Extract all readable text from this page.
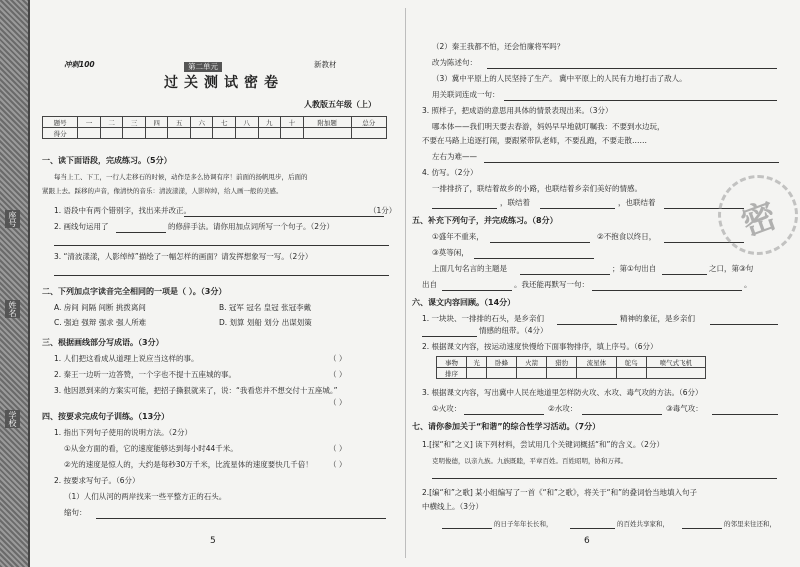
座号
姓名
学校
冲刺100	第二单元	新教材
过关测试密卷
人教版五年级（上）
题号	一	二	三	四	五	六	七	八	九	十	附加题	总分
得分												
一、读下面语段，完成练习。（5分）
每当上工、下工，一行人走移石的时候，动作是多么协调有序！前面的扬帆甩步，后面的
紧跟上去。踩移的声音，像清快的音乐：清波漾漾，人影绰绰，给人画一般的美感。
1. 语段中有两个错别字，找出来并改正。	（1分）
2. 画线句运用了	的修辞手法。请你用加点词所写一个句子。（2分）
3. “清波漾漾，人影绰绰”描绘了一幅怎样的画面？请发挥想象写一写。（2分）
二、下列加点字读音完全相同的一项是（ ）。（3分）
A. 房间 间隔 间断 挑拨离间	B. 冠军 冠名 皇冠 张冠李戴
C. 强迫 强辩 强求 强人所难	D. 划算 划船 划分 出谋划策
三、根据画线部分写成语。（3分）
1. 人们把这看成从道理上说应当这样的事。	（ ）
2. 秦王一边听一边答赞，一个字也不提十五座城的事。	（ ）
3. 他因恩到来的方案实可能，把招子撕狠就来了，说：“我看您并不想交付十五座城。”
（ ）
四、按要求完成句子训练。（13分）
1. 指出下列句子使用的说明方法。（2分）
①从金方面的看，它的速度能够达到每小时44千米。	（ ）
②光的速度是惊人的，大约是每秒30万千米，比流星体的速度要快几千倍！ （ ）
2. 按要求写句子。（6分）
（1）人们从河的两岸找来一些平整方正的石头。
缩句：
5
（2）秦王我都不怕，还会怕廉将军吗？
改为陈述句：
（3）冀中平原上的人民坚持了生产。 冀中平原上的人民有力地打击了敌人。
用关联词连成一句：
3. 照样子，把成语的意思用具体的情景表现出来。（3分）
哪本体——我们明天要去春游，妈妈早早地就叮嘱我：不要到水边玩，
不要在马路上追逐打闹，要跟紧带队老师，不要乱跑，不要走散……
左右为难——
4. 仿写。（2分）
一排排挤了，联结着故乡的小路，也联结着乡亲们美好的情感。
，联结着	，也联结着
五、补充下列句子，并完成练习。（8分）
①盛年不重来，	②不抱食以终日，
③莫等闲，
上面几句名言的主题是	；第①句出自	之口，第③句
出自	。我还能再默写一句：	。
六、课文内容回顾。（14分）
1. 一块块、一排排的石头，是乡亲们	精神的象征，是乡亲们
情感的纽带。（4分）
2. 根据课文内容，按运动速度快慢给下面事物排序，填上序号。（6分）
事物	光	卧蜂	火箭	猎豹	流星体	鸵鸟	喷气式飞机
排序							
3. 根据课文内容，写出冀中人民在地道里怎样防火攻、水攻、毒气攻的方法。（6分）
①火攻：	②水攻：	③毒气攻：
七、请你参加关于“和谐”的综合性学习活动。（7分）
1.[探“和”之义] 读下列材料，尝试用几个关键词概括“和”的含义。（2分）
克明俊德，以亲九族。九族既睦，平章百姓。百姓昭明，协和万邦。
2.[编“和”之歌] 某小组编写了一首《“和”之歌》，将关于“和”的叠词恰当地填入句子
中横线上。（3分）
的日子年年长长和，	的百姓共享家和，	的邻里来往还和，
6
密
